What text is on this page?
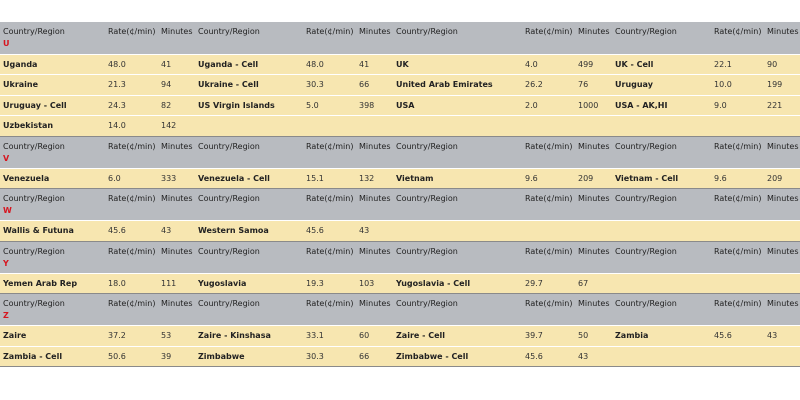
Country/Region
U	Rate(¢/min)	Minutes	Country/Region	Rate(¢/min)	Minutes	Country/Region	Rate(¢/min)	Minutes	Country/Region	Rate(¢/min)	Minutes
Uganda	48.0	41	Uganda - Cell	48.0	41	UK	4.0	499	UK - Cell	22.1	90
Ukraine	21.3	94	Ukraine - Cell	30.3	66	United Arab Emirates	26.2	76	Uruguay	10.0	199
Uruguay - Cell	24.3	82	US Virgin Islands	5.0	398	USA	2.0	1000	USA - AK,HI	9.0	221
Uzbekistan	14.0	142									
Country/Region
V	Rate(¢/min)	Minutes	Country/Region	Rate(¢/min)	Minutes	Country/Region	Rate(¢/min)	Minutes	Country/Region	Rate(¢/min)	Minutes
Venezuela	6.0	333	Venezuela - Cell	15.1	132	Vietnam	9.6	209	Vietnam - Cell	9.6	209
Country/Region
W	Rate(¢/min)	Minutes	Country/Region	Rate(¢/min)	Minutes	Country/Region	Rate(¢/min)	Minutes	Country/Region	Rate(¢/min)	Minutes
Wallis & Futuna	45.6	43	Western Samoa	45.6	43						
Country/Region
Y	Rate(¢/min)	Minutes	Country/Region	Rate(¢/min)	Minutes	Country/Region	Rate(¢/min)	Minutes	Country/Region	Rate(¢/min)	Minutes
Yemen Arab Rep	18.0	111	Yugoslavia	19.3	103	Yugoslavia - Cell	29.7	67			
Country/Region
Z	Rate(¢/min)	Minutes	Country/Region	Rate(¢/min)	Minutes	Country/Region	Rate(¢/min)	Minutes	Country/Region	Rate(¢/min)	Minutes
Zaire	37.2	53	Zaire - Kinshasa	33.1	60	Zaire - Cell	39.7	50	Zambia	45.6	43
Zambia - Cell	50.6	39	Zimbabwe	30.3	66	Zimbabwe - Cell	45.6	43			
